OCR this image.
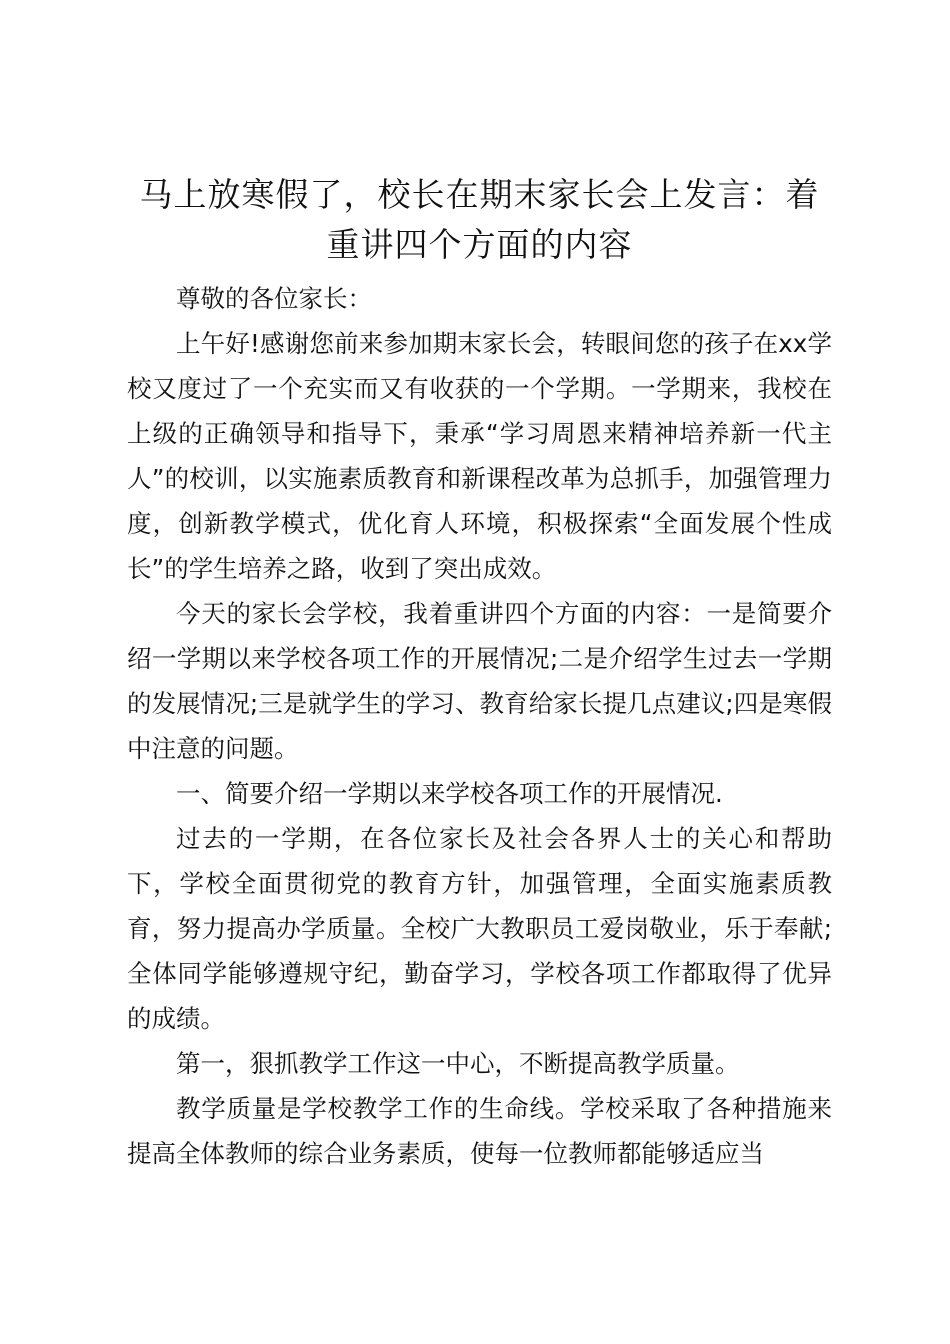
马上放寒假了，校长在期末家长会上发言：着重讲四个方面的内容

尊敬的各位家长：

上午好!感谢您前来参加期末家长会，转眼间您的孩子在xx学校又度过了一个充实而又有收获的一个学期。一学期来，我校在上级的正确领导和指导下，秉承“学习周恩来精神培养新一代主人”的校训，以实施素质教育和新课程改革为总抓手，加强管理力度，创新教学模式，优化育人环境，积极探索“全面发展个性成长”的学生培养之路，收到了突出成效。

今天的家长会学校，我着重讲四个方面的内容：一是简要介绍一学期以来学校各项工作的开展情况;二是介绍学生过去一学期的发展情况;三是就学生的学习、教育给家长提几点建议;四是寒假中注意的问题。

一、简要介绍一学期以来学校各项工作的开展情况.

过去的一学期，在各位家长及社会各界人士的关心和帮助下，学校全面贯彻党的教育方针，加强管理，全面实施素质教育，努力提高办学质量。全校广大教职员工爱岗敬业，乐于奉献;全体同学能够遵规守纪，勤奋学习，学校各项工作都取得了优异的成绩。

第一，狠抓教学工作这一中心，不断提高教学质量。

教学质量是学校教学工作的生命线。学校采取了各种措施来提高全体教师的综合业务素质，使每一位教师都能够适应当
